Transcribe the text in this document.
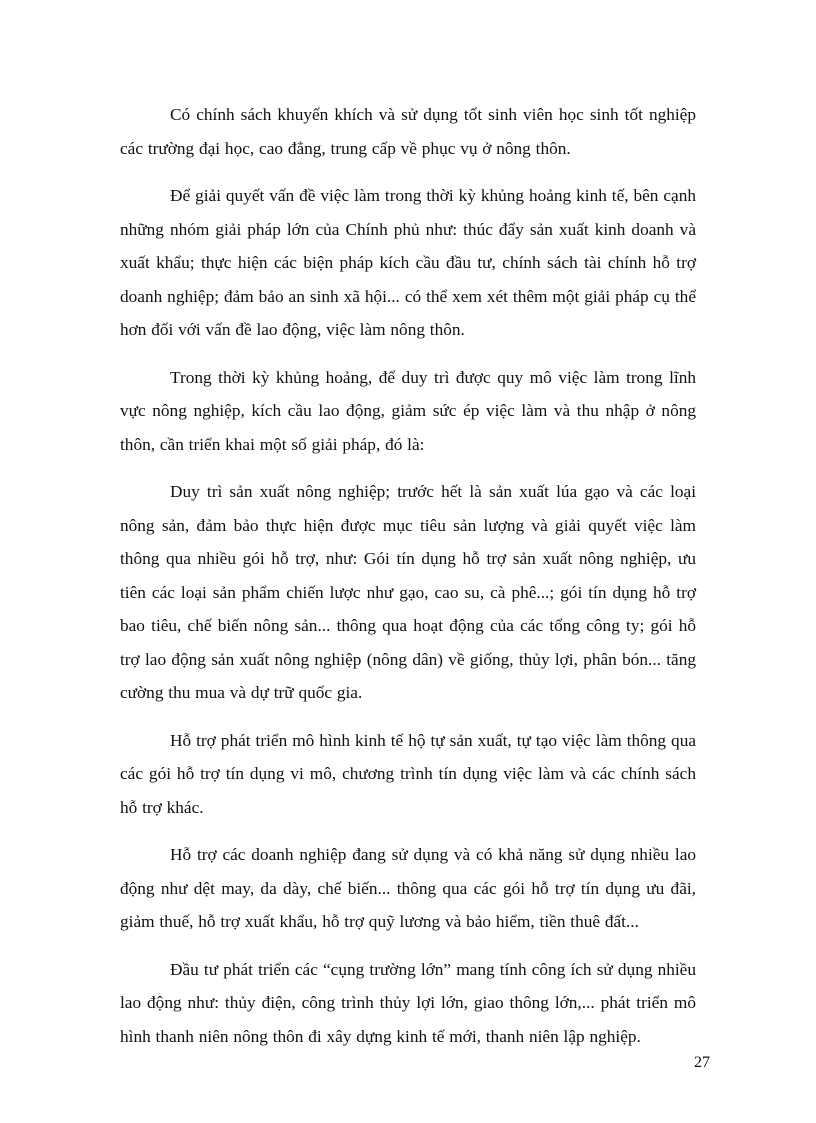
Có chính sách khuyến khích và sử dụng tốt sinh viên học sinh tốt nghiệp các trường đại học, cao đẳng, trung cấp về phục vụ ở nông thôn.

Để giải quyết vấn đề việc làm trong thời kỳ khủng hoảng kinh tế, bên cạnh những nhóm giải pháp lớn của Chính phủ như: thúc đẩy sản xuất kinh doanh và xuất khẩu; thực hiện các biện pháp kích cầu đầu tư, chính sách tài chính hỗ trợ doanh nghiệp; đảm bảo an sinh xã hội... có thể xem xét thêm một giải pháp cụ thể hơn đối với vấn đề lao động, việc làm nông thôn.

Trong thời kỳ khủng hoảng, để duy trì được quy mô việc làm trong lĩnh vực nông nghiệp, kích cầu lao động, giảm sức ép việc làm và thu nhập ở nông thôn, cần triển khai một số giải pháp, đó là:

Duy trì sản xuất nông nghiệp; trước hết là sản xuất lúa gạo và các loại nông sản, đảm bảo thực hiện được mục tiêu sản lượng và giải quyết việc làm thông qua nhiều gói hỗ trợ, như: Gói tín dụng hỗ trợ sản xuất nông nghiệp, ưu tiên các loại sản phẩm chiến lược như gạo, cao su, cà phê...; gói tín dụng hỗ trợ bao tiêu, chế biến nông sản... thông qua hoạt động của các tổng công ty; gói hỗ trợ lao động sản xuất nông nghiệp (nông dân) về giống, thủy lợi, phân bón... tăng cường thu mua và dự trữ quốc gia.

Hỗ trợ phát triển mô hình kinh tế hộ tự sản xuất, tự tạo việc làm thông qua các gói hỗ trợ tín dụng vi mô, chương trình tín dụng việc làm và các chính sách hỗ trợ khác.

Hỗ trợ các doanh nghiệp đang sử dụng và có khả năng sử dụng nhiều lao động như dệt may, da dày, chế biến... thông qua các gói hỗ trợ tín dụng ưu đãi, giảm thuế, hỗ trợ xuất khẩu, hỗ trợ quỹ lương và bảo hiểm, tiền thuê đất...

Đầu tư phát triển các “cụng trường lớn” mang tính công ích sử dụng nhiều lao động như: thủy điện, công trình thủy lợi lớn, giao thông lớn,... phát triển mô hình thanh niên nông thôn đi xây dựng kinh tế mới, thanh niên lập nghiệp.

27
